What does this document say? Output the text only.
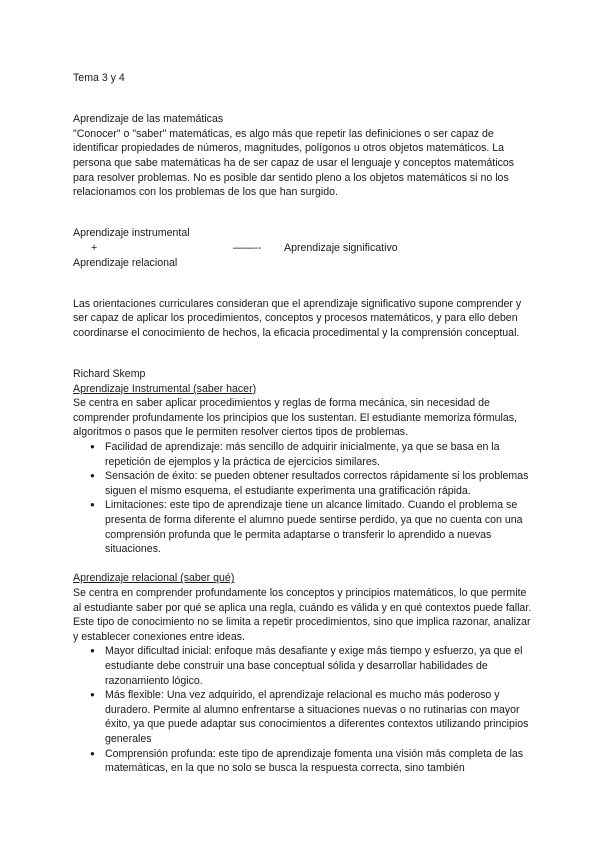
Tema 3 y 4

Aprendizaje de las matemáticas

"Conocer" o "saber" matemáticas, es algo más que repetir las definiciones o ser capaz de identificar propiedades de números, magnitudes, polígonos u otros objetos matemáticos. La persona que sabe matemáticas ha de ser capaz de usar el lenguaje y conceptos matemáticos para resolver problemas. No es posible dar sentido pleno a los objetos matemáticos si no los relacionamos con los problemas de los que han surgido.

Aprendizaje instrumental

+	——-- Aprendizaje significativo

Aprendizaje relacional

Las orientaciones curriculares consideran que el aprendizaje significativo supone comprender y ser capaz de aplicar los procedimientos, conceptos y procesos matemáticos, y para ello deben coordinarse el conocimiento de hechos, la eficacia procedimental y la comprensión conceptual.

Richard Skemp

Aprendizaje Instrumental (saber hacer)

Se centra en saber aplicar procedimientos y reglas de forma mecánica, sin necesidad de comprender profundamente los principios que los sustentan. El estudiante memoriza fórmulas, algoritmos o pasos que le permiten resolver ciertos tipos de problemas.

● Facilidad de aprendizaje: más sencillo de adquirir inicialmente, ya que se basa en la repetición de ejemplos y la práctica de ejercicios similares.
● Sensación de éxito: se pueden obtener resultados correctos rápidamente si los problemas siguen el mismo esquema, el estudiante experimenta una gratificación rápida.
● Limitaciones: este tipo de aprendizaje tiene un alcance limitado. Cuando el problema se presenta de forma diferente el alumno puede sentirse perdido, ya que no cuenta con una comprensión profunda que le permita adaptarse o transferir lo aprendido a nuevas situaciones.

Aprendizaje relacional (saber qué)

Se centra en comprender profundamente los conceptos y principios matemáticos, lo que permite al estudiante saber por qué se aplica una regla, cuándo es válida y en qué contextos puede fallar. Este tipo de conocimiento no se limita a repetir procedimientos, sino que implica razonar, analizar y establecer conexiones entre ideas.

● Mayor dificultad inicial: enfoque más desafiante y exige más tiempo y esfuerzo, ya que el estudiante debe construir una base conceptual sólida y desarrollar habilidades de razonamiento lógico.
● Más flexible: Una vez adquirido, el aprendizaje relacional es mucho más poderoso y duradero. Permite al alumno enfrentarse a situaciones nuevas o no rutinarias con mayor éxito, ya que puede adaptar sus conocimientos a diferentes contextos utilizando principios generales
● Comprensión profunda: este tipo de aprendizaje fomenta una visión más completa de las matemáticas, en la que no solo se busca la respuesta correcta, sino también
